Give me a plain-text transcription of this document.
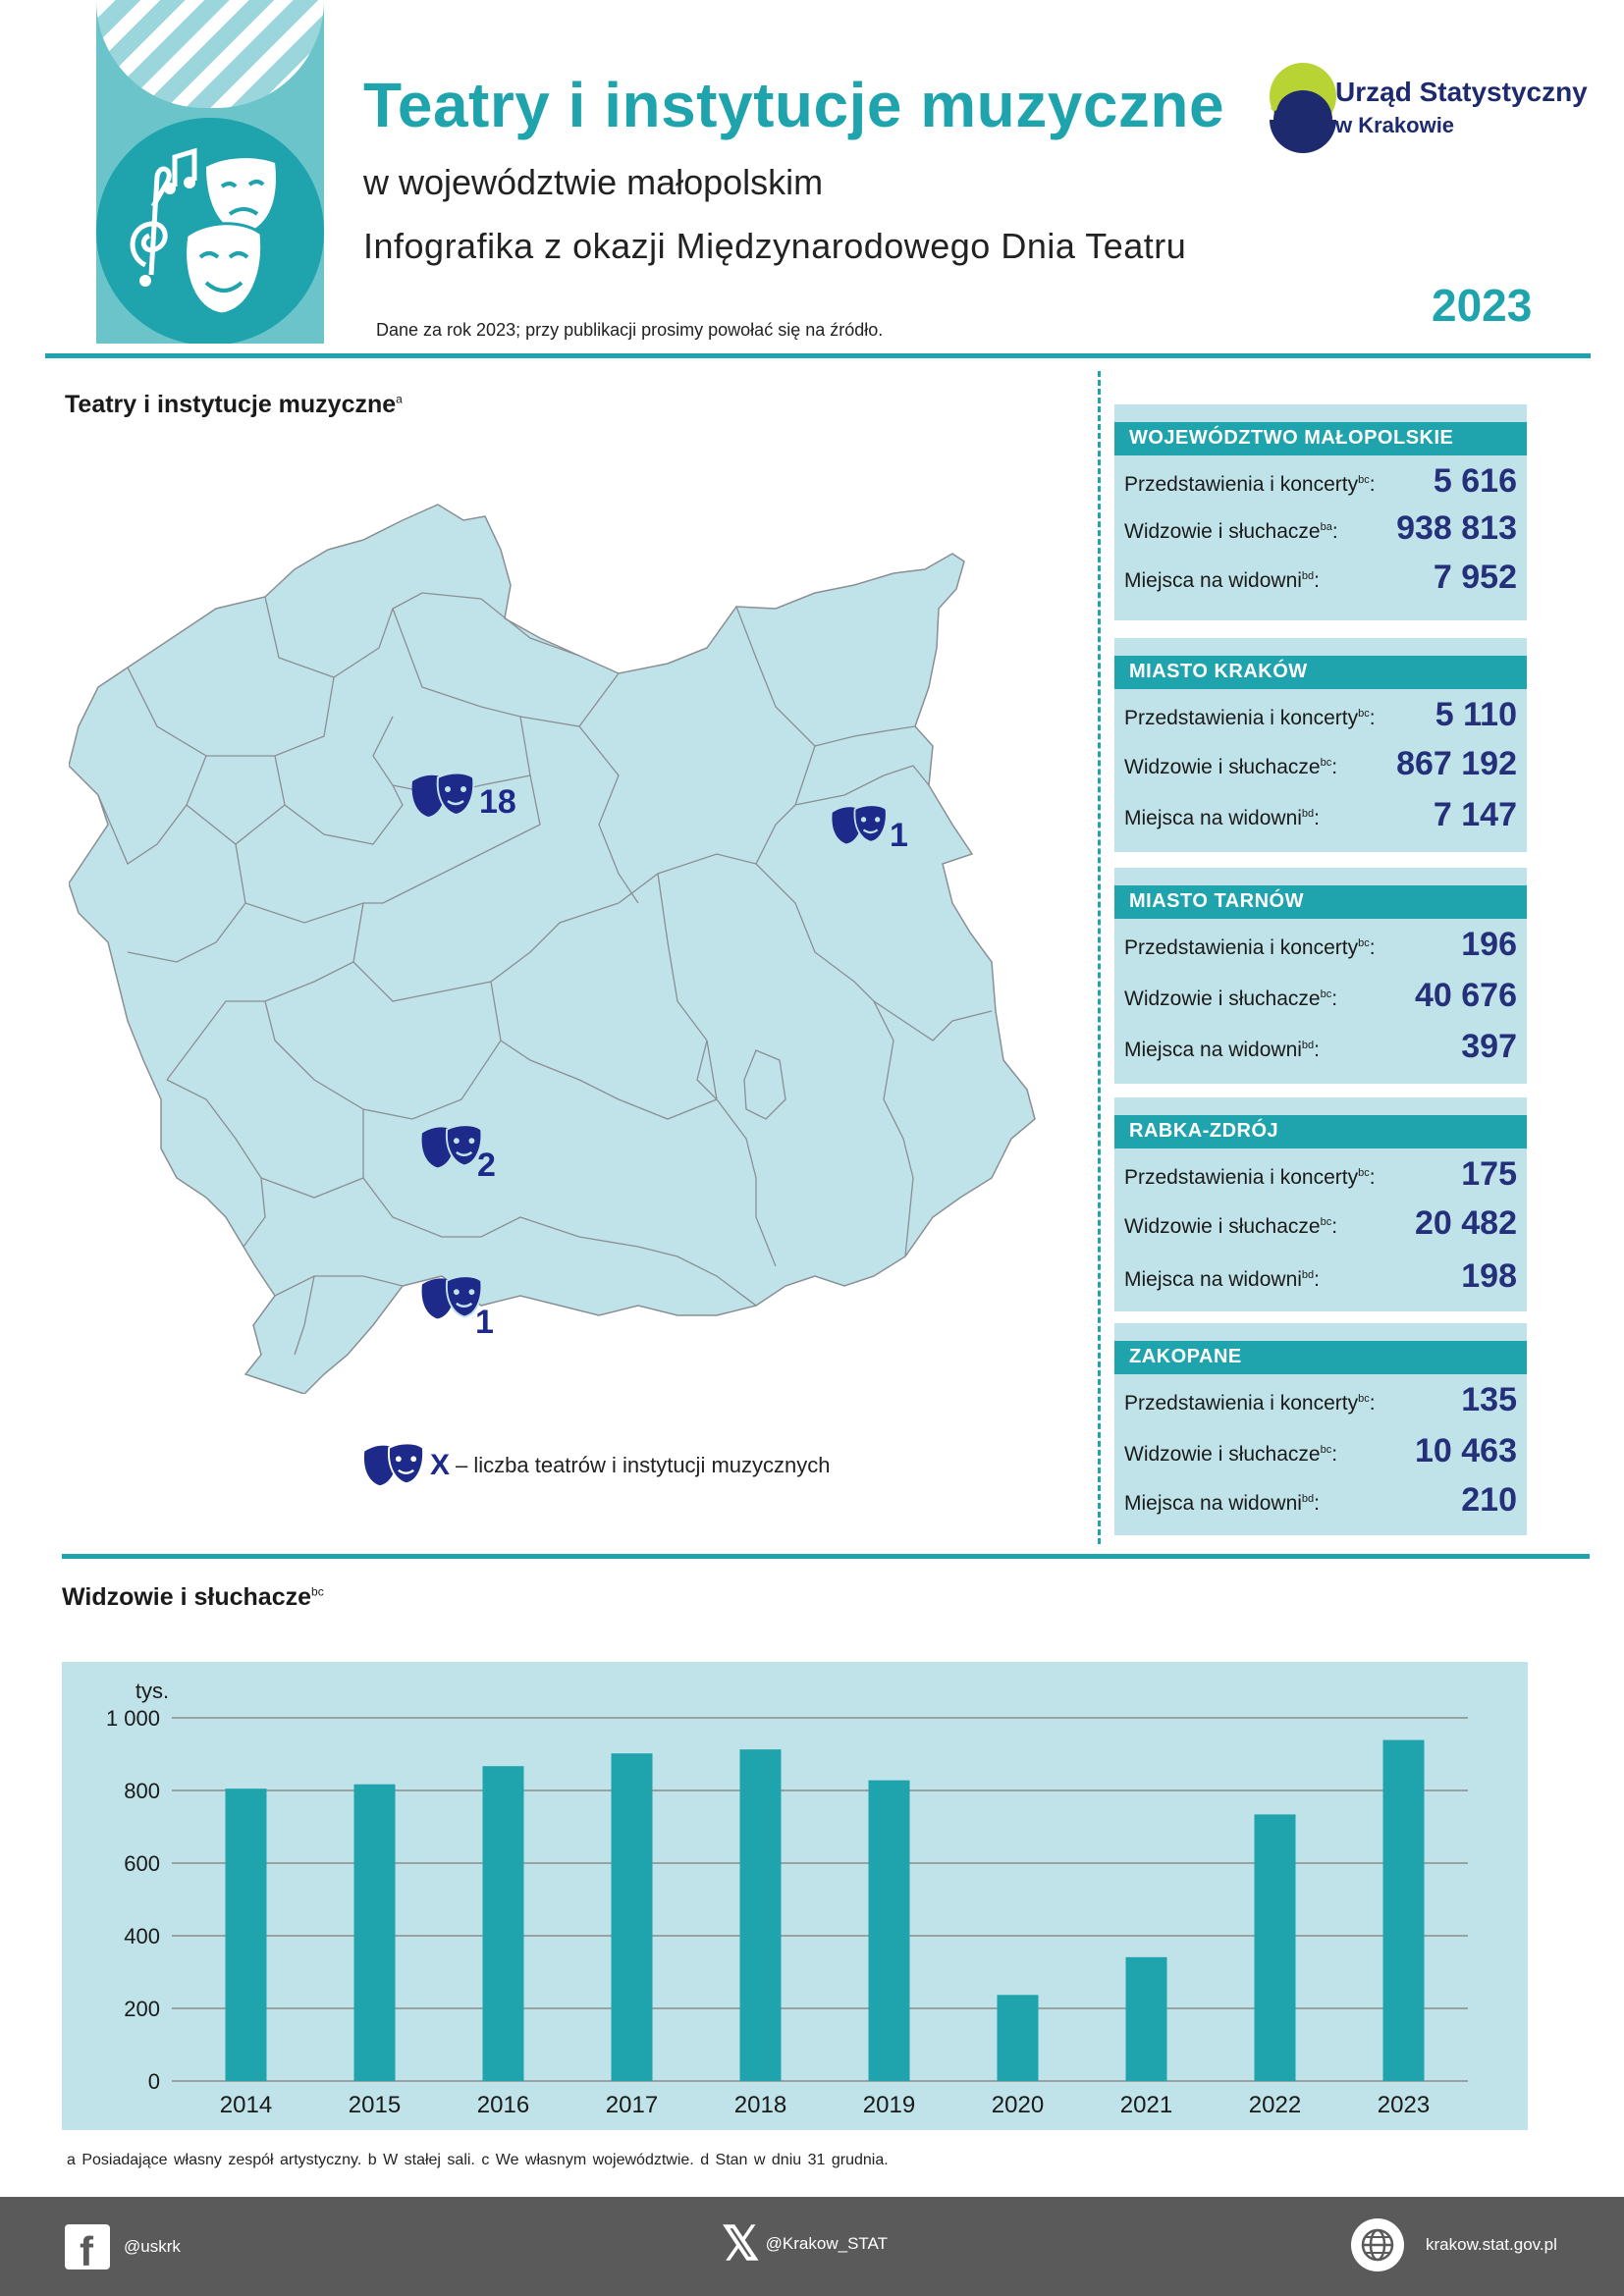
Teatry i instytucje muzyczne
w województwie małopolskim
Infografika z okazji Międzynarodowego Dnia Teatru
Dane za rok 2023; przy publikacji prosimy powołać się na źródło.	2023
Urząd Statystyczny
w Krakowie
Teatry i instytucje muzyczne$^a$
18
1
2
1
X – liczba teatrów i instytucji muzycznych
WOJEWÓDZTWO MAŁOPOLSKIE
Przedstawienia i koncerty$^{bc}$: 5 616
Widzowie i słuchacze$^{ba}$: 938 813
Miejsca na widowni$^{bd}$:	7 952
MIASTO KRAKÓW
Przedstawienia i koncerty$^{bc}$: 5 110
Widzowie i słuchacze$^{bc}$: 867 192
Miejsca na widowni$^{bd}$:	7 147
MIASTO TARNÓW
Przedstawienia i koncerty$^{bc}$:	196
Widzowie i słuchacze$^{bc}$: 40 676
Miejsca na widowni$^{bd}$:	397
RABKA-ZDRÓJ
Przedstawienia i koncerty$^{bc}$:	175
Widzowie i słuchacze$^{bc}$: 20 482
Miejsca na widowni$^{bd}$:	198
ZAKOPANE
Przedstawienia i koncerty$^{bc}$:	135
Widzowie i słuchacze$^{bc}$: 10 463
Miejsca na widowni$^{bd}$:	210
Widzowie i słuchacze$^{bc}$
0
200
400
600
800
1 000
tys.
2014	2015	2016	2017	2018	2019	2020	2021	2022	2023
a Posiadające własny zespół artystyczny. b W stałej sali. c We własnym województwie. d Stan w dniu 31 grudnia.
f @uskrk	𝕏 @Krakow_STAT	krakow.stat.gov.pl
